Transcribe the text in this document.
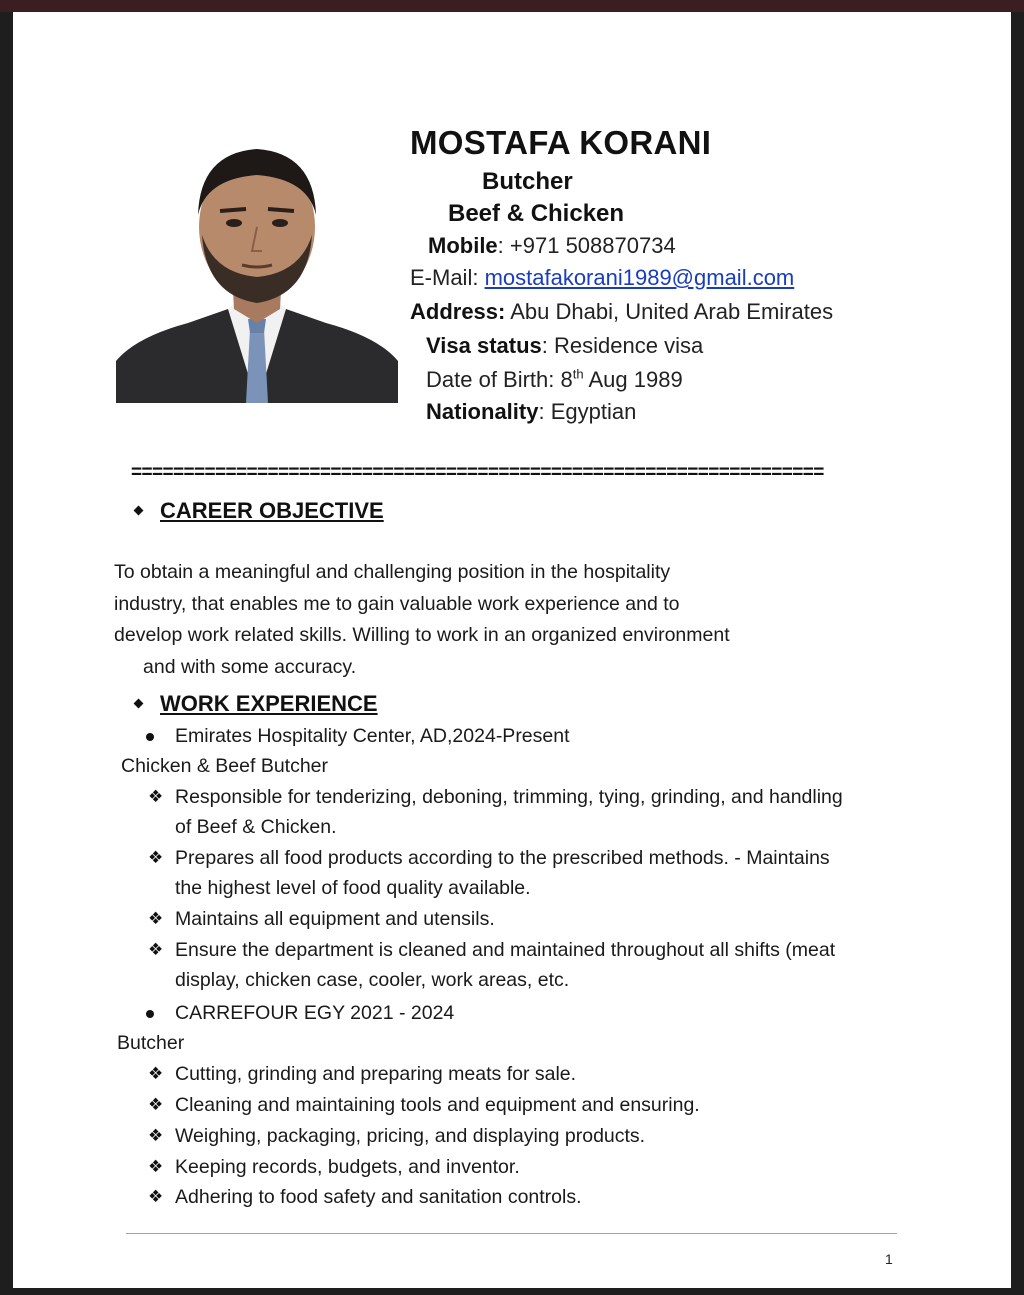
MOSTAFA KORANI
Butcher
Beef & Chicken
Mobile: +971 508870734
E-Mail: mostafakorani1989@gmail.com
Address: Abu Dhabi, United Arab Emirates
Visa status: Residence visa
Date of Birth: 8th Aug 1989
Nationality: Egyptian
==================================================================
CAREER OBJECTIVE
To obtain a meaningful and challenging position in the hospitality
industry, that enables me to gain valuable work experience and to
develop work related skills. Willing to work in an organized environment
and with some accuracy.
WORK EXPERIENCE
Emirates Hospitality Center, AD,2024-Present
Chicken & Beef Butcher
❖ Responsible for tenderizing, deboning, trimming, tying, grinding, and handling
of Beef & Chicken.
❖ Prepares all food products according to the prescribed methods. - Maintains
the highest level of food quality available.
❖ Maintains all equipment and utensils.
❖ Ensure the department is cleaned and maintained throughout all shifts (meat
display, chicken case, cooler, work areas, etc.
CARREFOUR EGY 2021 - 2024
Butcher
❖ Cutting, grinding and preparing meats for sale.
❖ Cleaning and maintaining tools and equipment and ensuring.
❖ Weighing, packaging, pricing, and displaying products.
❖ Keeping records, budgets, and inventor.
❖ Adhering to food safety and sanitation controls.
1
